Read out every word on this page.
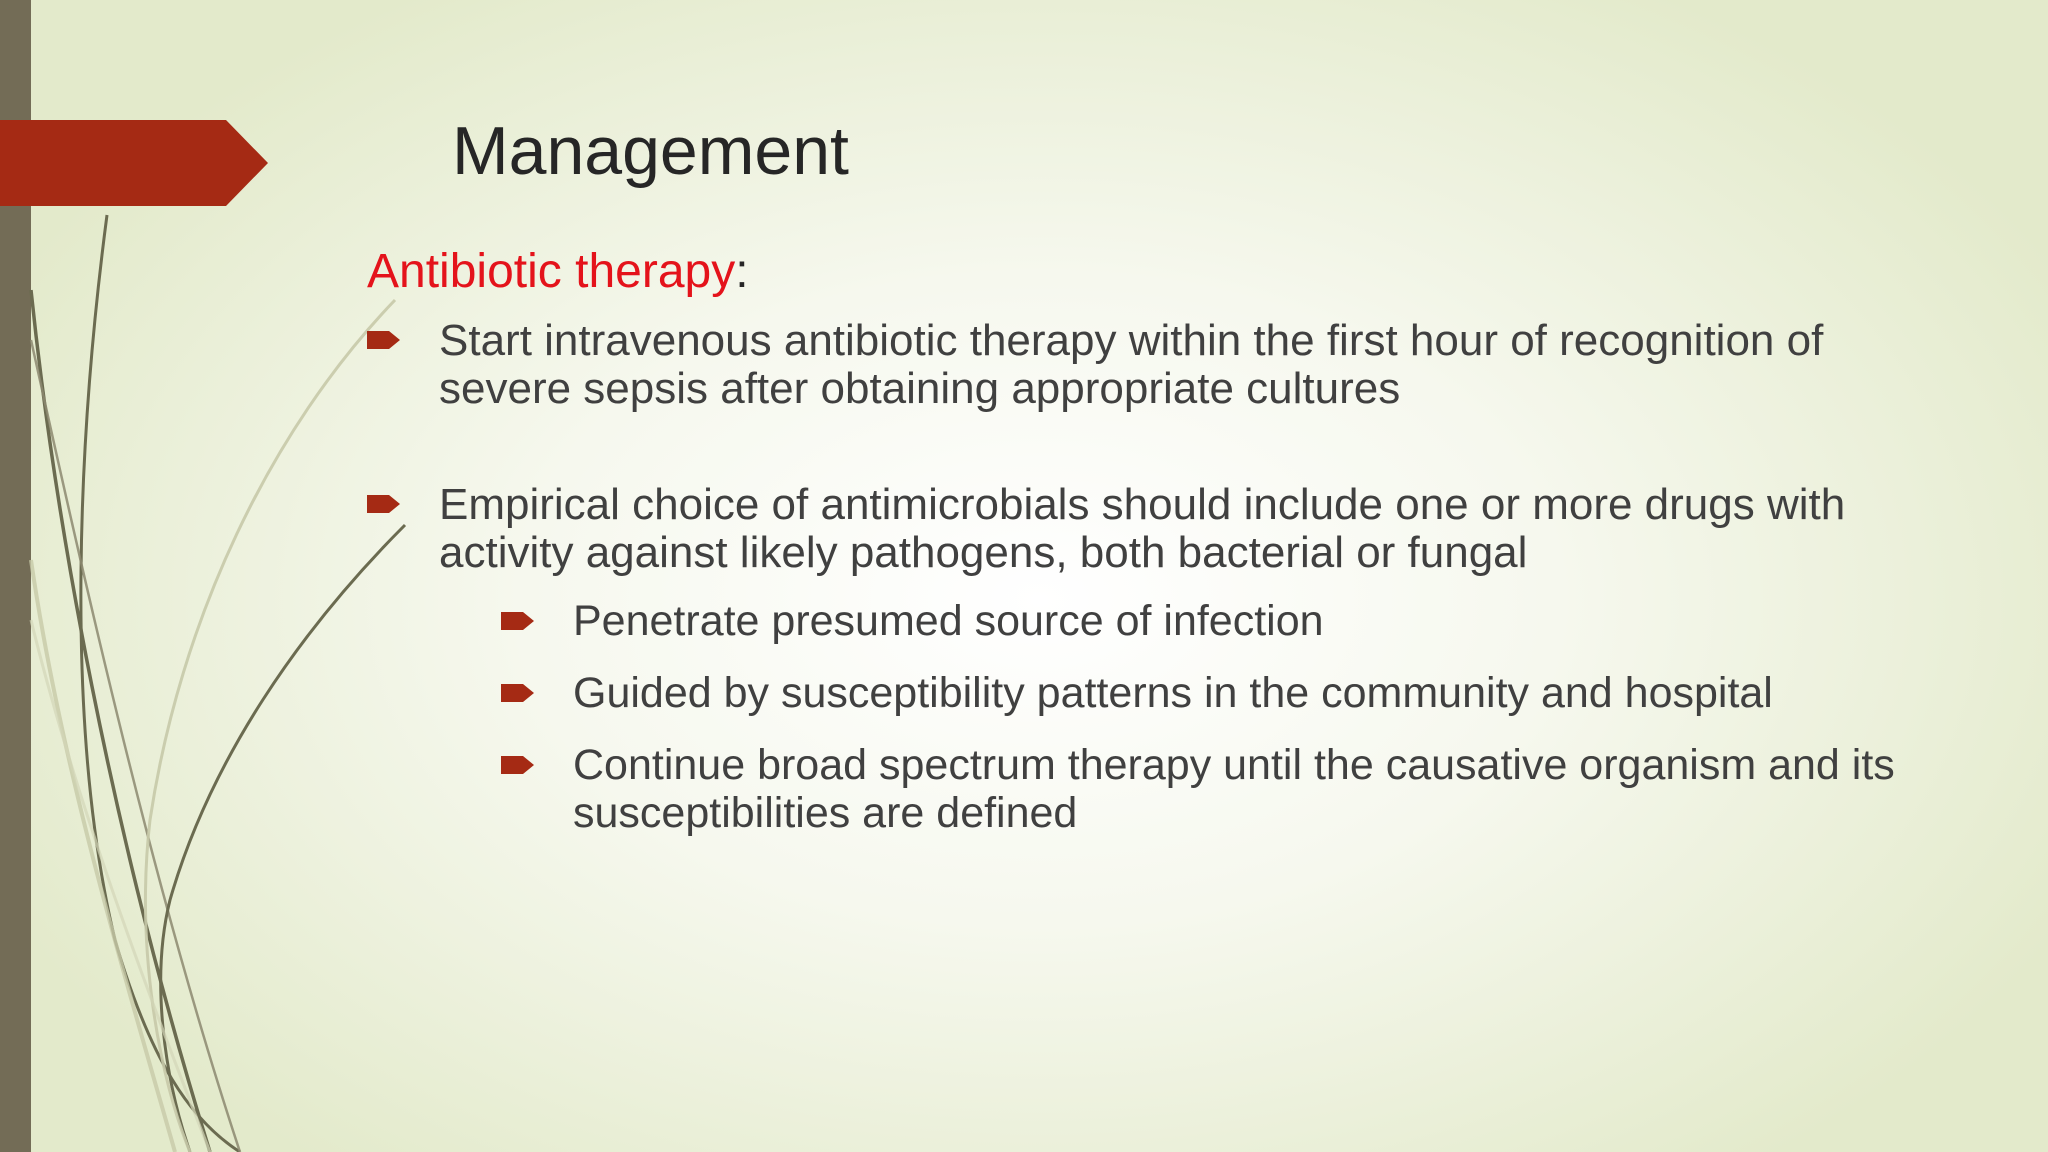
Management
Antibiotic therapy:
Start intravenous antibiotic therapy within the first hour of recognition of severe sepsis after obtaining appropriate cultures
Empirical choice of antimicrobials should include one or more drugs with activity against likely pathogens, both bacterial or fungal
Penetrate presumed source of infection
Guided by susceptibility patterns in the community and hospital
Continue broad spectrum therapy until the causative organism and its susceptibilities are defined
